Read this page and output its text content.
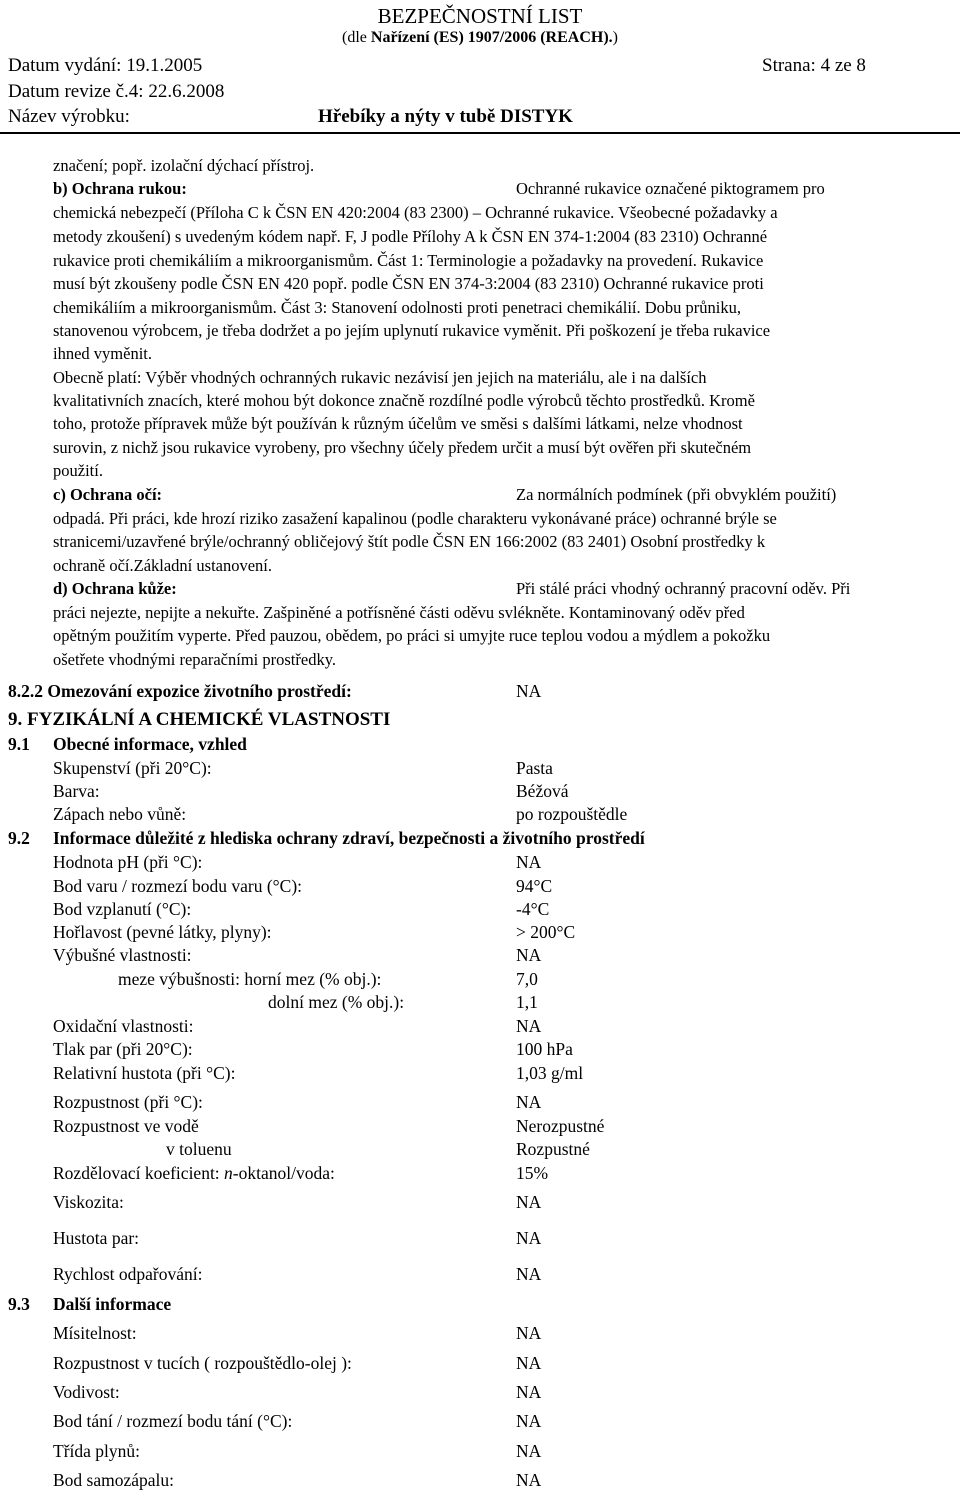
BEZPEČNOSTNÍ LIST
(dle Nařízení (ES) 1907/2006 (REACH).)
Datum vydání: 19.1.2005	Strana: 4 ze 8
Datum revize č.4: 22.6.2008
Název výrobku:	Hřebíky a nýty v tubě DISTYK
značení; popř. izolační dýchací přístroj.
b) Ochrana rukou:	Ochranné rukavice označené piktogramem pro
chemická nebezpečí (Příloha C k ČSN EN 420:2004 (83 2300) – Ochranné rukavice. Všeobecné požadavky a
metody zkoušení) s uvedeným kódem např. F, J podle Přílohy A k ČSN EN 374-1:2004 (83 2310) Ochranné
rukavice proti chemikáliím a mikroorganismům. Část 1: Terminologie a požadavky na provedení. Rukavice
musí být zkoušeny podle ČSN EN 420 popř. podle ČSN EN 374-3:2004 (83 2310) Ochranné rukavice proti
chemikáliím a mikroorganismům. Část 3: Stanovení odolnosti proti penetraci chemikálií. Dobu průniku,
stanovenou výrobcem, je třeba dodržet a po jejím uplynutí rukavice vyměnit. Při poškození je třeba rukavice
ihned vyměnit.
Obecně platí: Výběr vhodných ochranných rukavic nezávisí jen jejich na materiálu, ale i na dalších
kvalitativních znacích, které mohou být dokonce značně rozdílné podle výrobců těchto prostředků. Kromě
toho, protože přípravek může být používán k různým účelům ve směsi s dalšími látkami, nelze vhodnost
surovin, z nichž jsou rukavice vyrobeny, pro všechny účely předem určit a musí být ověřen při skutečném
použití.
c) Ochrana očí:	Za normálních podmínek (při obvyklém použití)
odpadá. Při práci, kde hrozí riziko zasažení kapalinou (podle charakteru vykonávané práce) ochranné brýle se
stranicemi/uzavřené brýle/ochranný obličejový štít podle ČSN EN 166:2002 (83 2401) Osobní prostředky k
ochraně očí.Základní ustanovení.
d) Ochrana kůže:	Při stálé práci vhodný ochranný pracovní oděv. Při
práci nejezte, nepijte a nekuřte. Zašpiněné a potřísněné části oděvu svlékněte. Kontaminovaný oděv před
opětným použitím vyperte. Před pauzou, obědem, po práci si umyjte ruce teplou vodou a mýdlem a pokožku
ošetřete vhodnými reparačními prostředky.
8.2.2 Omezování expozice životního prostředí:	NA
9. FYZIKÁLNÍ A CHEMICKÉ VLASTNOSTI
9.1 Obecné informace, vzhled
Skupenství (při 20°C):	Pasta
Barva:	Béžová
Zápach nebo vůně:	po rozpouštědle
9.2 Informace důležité z hlediska ochrany zdraví, bezpečnosti a životního prostředí
Hodnota pH (při °C):	NA
Bod varu / rozmezí bodu varu (°C):	94°C
Bod vzplanutí (°C):	-4°C
Hořlavost (pevné látky, plyny):	> 200°C
Výbušné vlastnosti:	NA
meze výbušnosti: horní mez (% obj.):	7,0
dolní mez (% obj.):	1,1
Oxidační vlastnosti:	NA
Tlak par (při 20°C):	100 hPa
Relativní hustota (při °C):	1,03 g/ml
Rozpustnost (při °C):	NA
Rozpustnost ve vodě	Nerozpustné
v toluenu	Rozpustné
Rozdělovací koeficient: n-oktanol/voda:	15%
Viskozita:	NA
Hustota par:	NA
Rychlost odpařování:	NA
9.3 Další informace
Mísitelnost:	NA
Rozpustnost v tucích ( rozpouštědlo-olej ):	NA
Vodivost:	NA
Bod tání / rozmezí bodu tání (°C):	NA
Třída plynů:	NA
Bod samozápalu:	NA
